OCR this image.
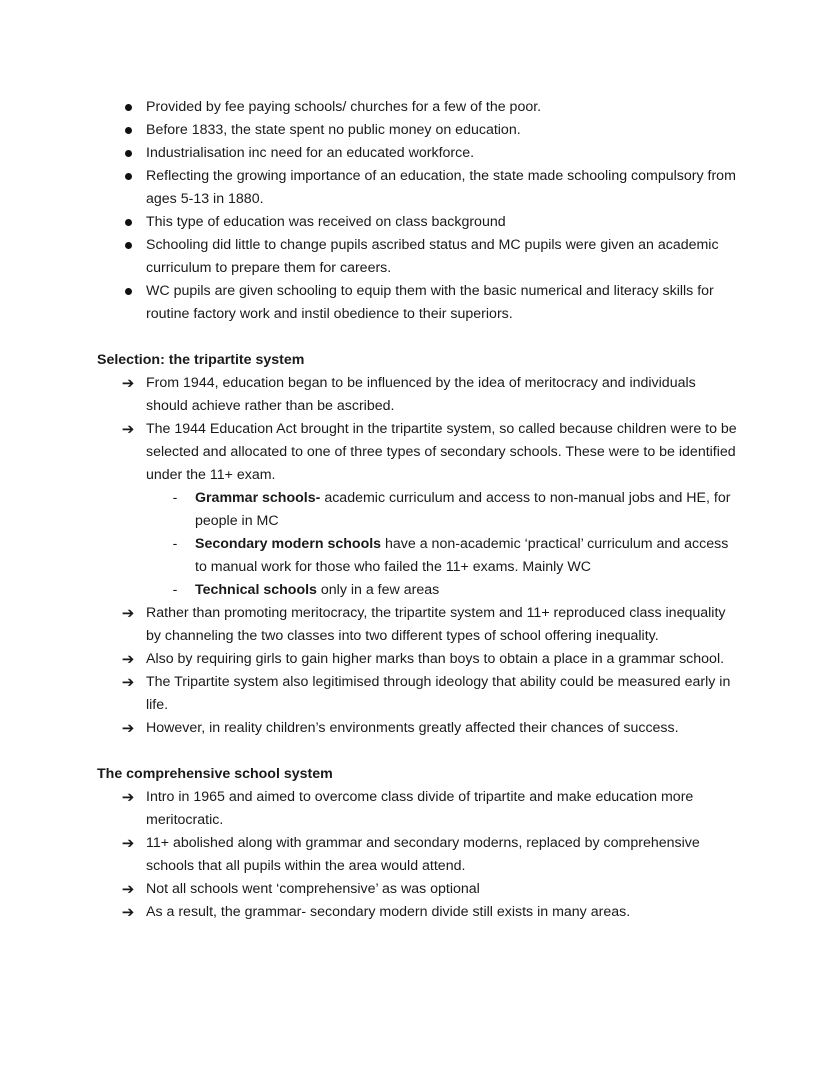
Provided by fee paying schools/ churches for a few of the poor.
Before 1833, the state spent no public money on education.
Industrialisation inc need for an educated workforce.
Reflecting the growing importance of an education, the state made schooling compulsory from ages 5-13 in 1880.
This type of education was received on class background
Schooling did little to change pupils ascribed status and MC pupils were given an academic curriculum to prepare them for careers.
WC pupils are given schooling to equip them with the basic numerical and literacy skills for routine factory work and instil obedience to their superiors.

Selection: the tripartite system

➔ From 1944, education began to be influenced by the idea of meritocracy and individuals should achieve rather than be ascribed.
➔ The 1944 Education Act brought in the tripartite system, so called because children were to be selected and allocated to one of three types of secondary schools. These were to be identified under the 11+ exam.
-	Grammar schools- academic curriculum and access to non-manual jobs and HE, for people in MC
-	Secondary modern schools have a non-academic ‘practical’ curriculum and access to manual work for those who failed the 11+ exams. Mainly WC
-	Technical schools only in a few areas
➔ Rather than promoting meritocracy, the tripartite system and 11+ reproduced class inequality by channeling the two classes into two different types of school offering inequality.
➔ Also by requiring girls to gain higher marks than boys to obtain a place in a grammar school.
➔ The Tripartite system also legitimised through ideology that ability could be measured early in life.
➔ However, in reality children’s environments greatly affected their chances of success.

The comprehensive school system

➔ Intro in 1965 and aimed to overcome class divide of tripartite and make education more meritocratic.
➔ 11+ abolished along with grammar and secondary moderns, replaced by comprehensive schools that all pupils within the area would attend.
➔ Not all schools went ‘comprehensive’ as was optional
➔ As a result, the grammar- secondary modern divide still exists in many areas.
